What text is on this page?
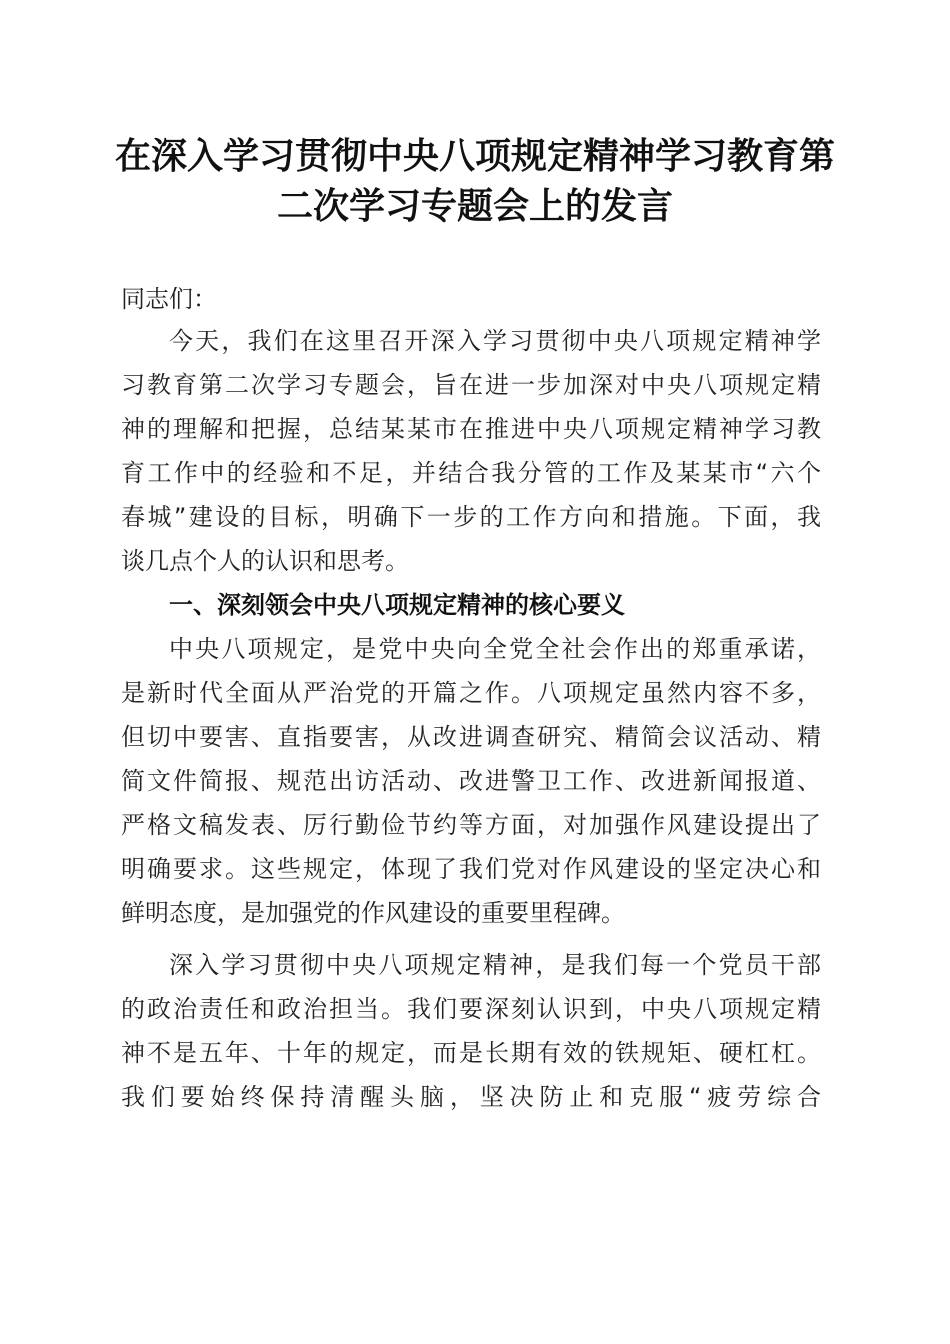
在深入学习贯彻中央八项规定精神学习教育第
二次学习专题会上的发言
同志们：
今天，我们在这里召开深入学习贯彻中央八项规定精神学
习教育第二次学习专题会，旨在进一步加深对中央八项规定精
神的理解和把握，总结某某市在推进中央八项规定精神学习教
育工作中的经验和不足，并结合我分管的工作及某某市“六个
春城”建设的目标，明确下一步的工作方向和措施。下面，我
谈几点个人的认识和思考。
一、深刻领会中央八项规定精神的核心要义
中央八项规定，是党中央向全党全社会作出的郑重承诺，
是新时代全面从严治党的开篇之作。八项规定虽然内容不多，
但切中要害、直指要害，从改进调查研究、精简会议活动、精
简文件简报、规范出访活动、改进警卫工作、改进新闻报道、
严格文稿发表、厉行勤俭节约等方面，对加强作风建设提出了
明确要求。这些规定，体现了我们党对作风建设的坚定决心和
鲜明态度，是加强党的作风建设的重要里程碑。
深入学习贯彻中央八项规定精神，是我们每一个党员干部
的政治责任和政治担当。我们要深刻认识到，中央八项规定精
神不是五年、十年的规定，而是长期有效的铁规矩、硬杠杠。
我们要始终保持清醒头脑，坚决防止和克服“疲劳综合
